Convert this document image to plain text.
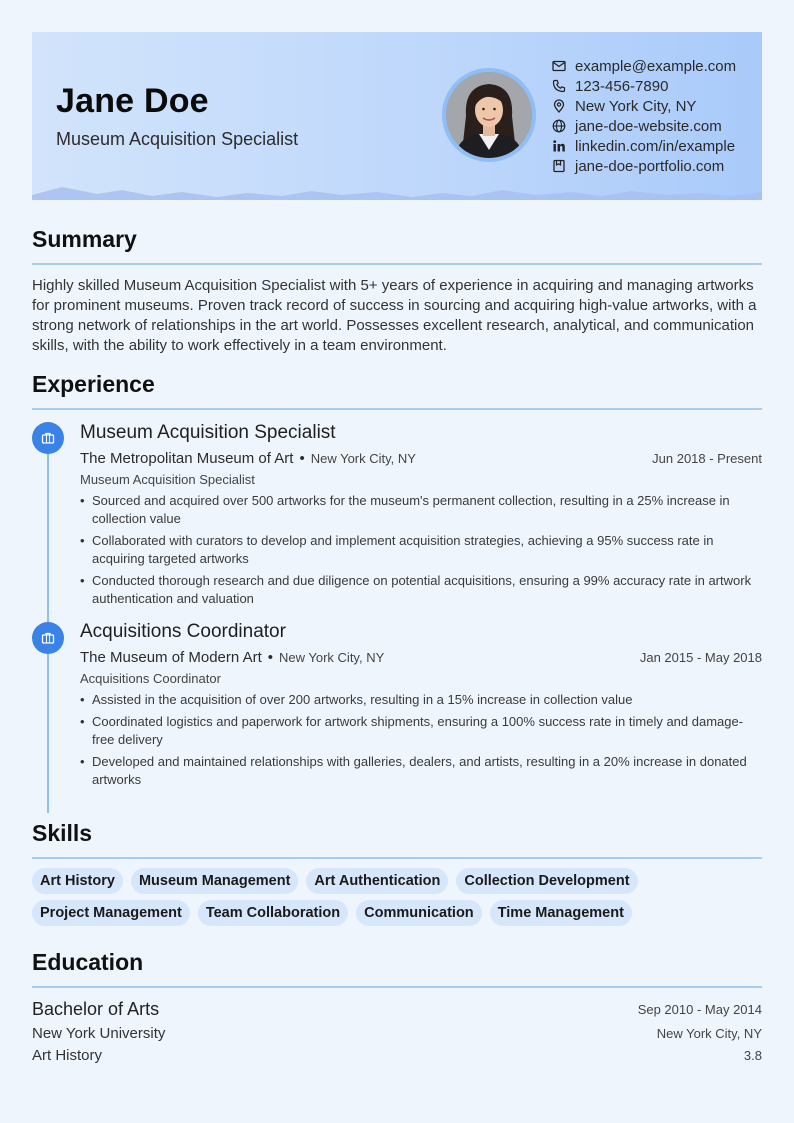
Jane Doe
Museum Acquisition Specialist
example@example.com
123-456-7890
New York City, NY
jane-doe-website.com
linkedin.com/in/example
jane-doe-portfolio.com
Summary

Highly skilled Museum Acquisition Specialist with 5+ years of experience in acquiring and managing artworks for prominent museums. Proven track record of success in sourcing and acquiring high-value artworks, with a strong network of relationships in the art world. Possesses excellent research, analytical, and communication skills, with the ability to work effectively in a team environment.

Experience
Museum Acquisition Specialist
The Metropolitan Museum of Art • New York City, NY	Jun 2018 - Present
Museum Acquisition Specialist
• Sourced and acquired over 500 artworks for the museum's permanent collection, resulting in a 25% increase in collection value
• Collaborated with curators to develop and implement acquisition strategies, achieving a 95% success rate in acquiring targeted artworks
• Conducted thorough research and due diligence on potential acquisitions, ensuring a 99% accuracy rate in artwork authentication and valuation
Acquisitions Coordinator
The Museum of Modern Art • New York City, NY	Jan 2015 - May 2018
Acquisitions Coordinator
• Assisted in the acquisition of over 200 artworks, resulting in a 15% increase in collection value
• Coordinated logistics and paperwork for artwork shipments, ensuring a 100% success rate in timely and damage-free delivery
• Developed and maintained relationships with galleries, dealers, and artists, resulting in a 20% increase in donated artworks
Skills
Art History	Museum Management	Art Authentication	Collection Development
Project Management	Team Collaboration	Communication	Time Management
Education
Bachelor of Arts	Sep 2010 - May 2014
New York University	New York City, NY
Art History	3.8
